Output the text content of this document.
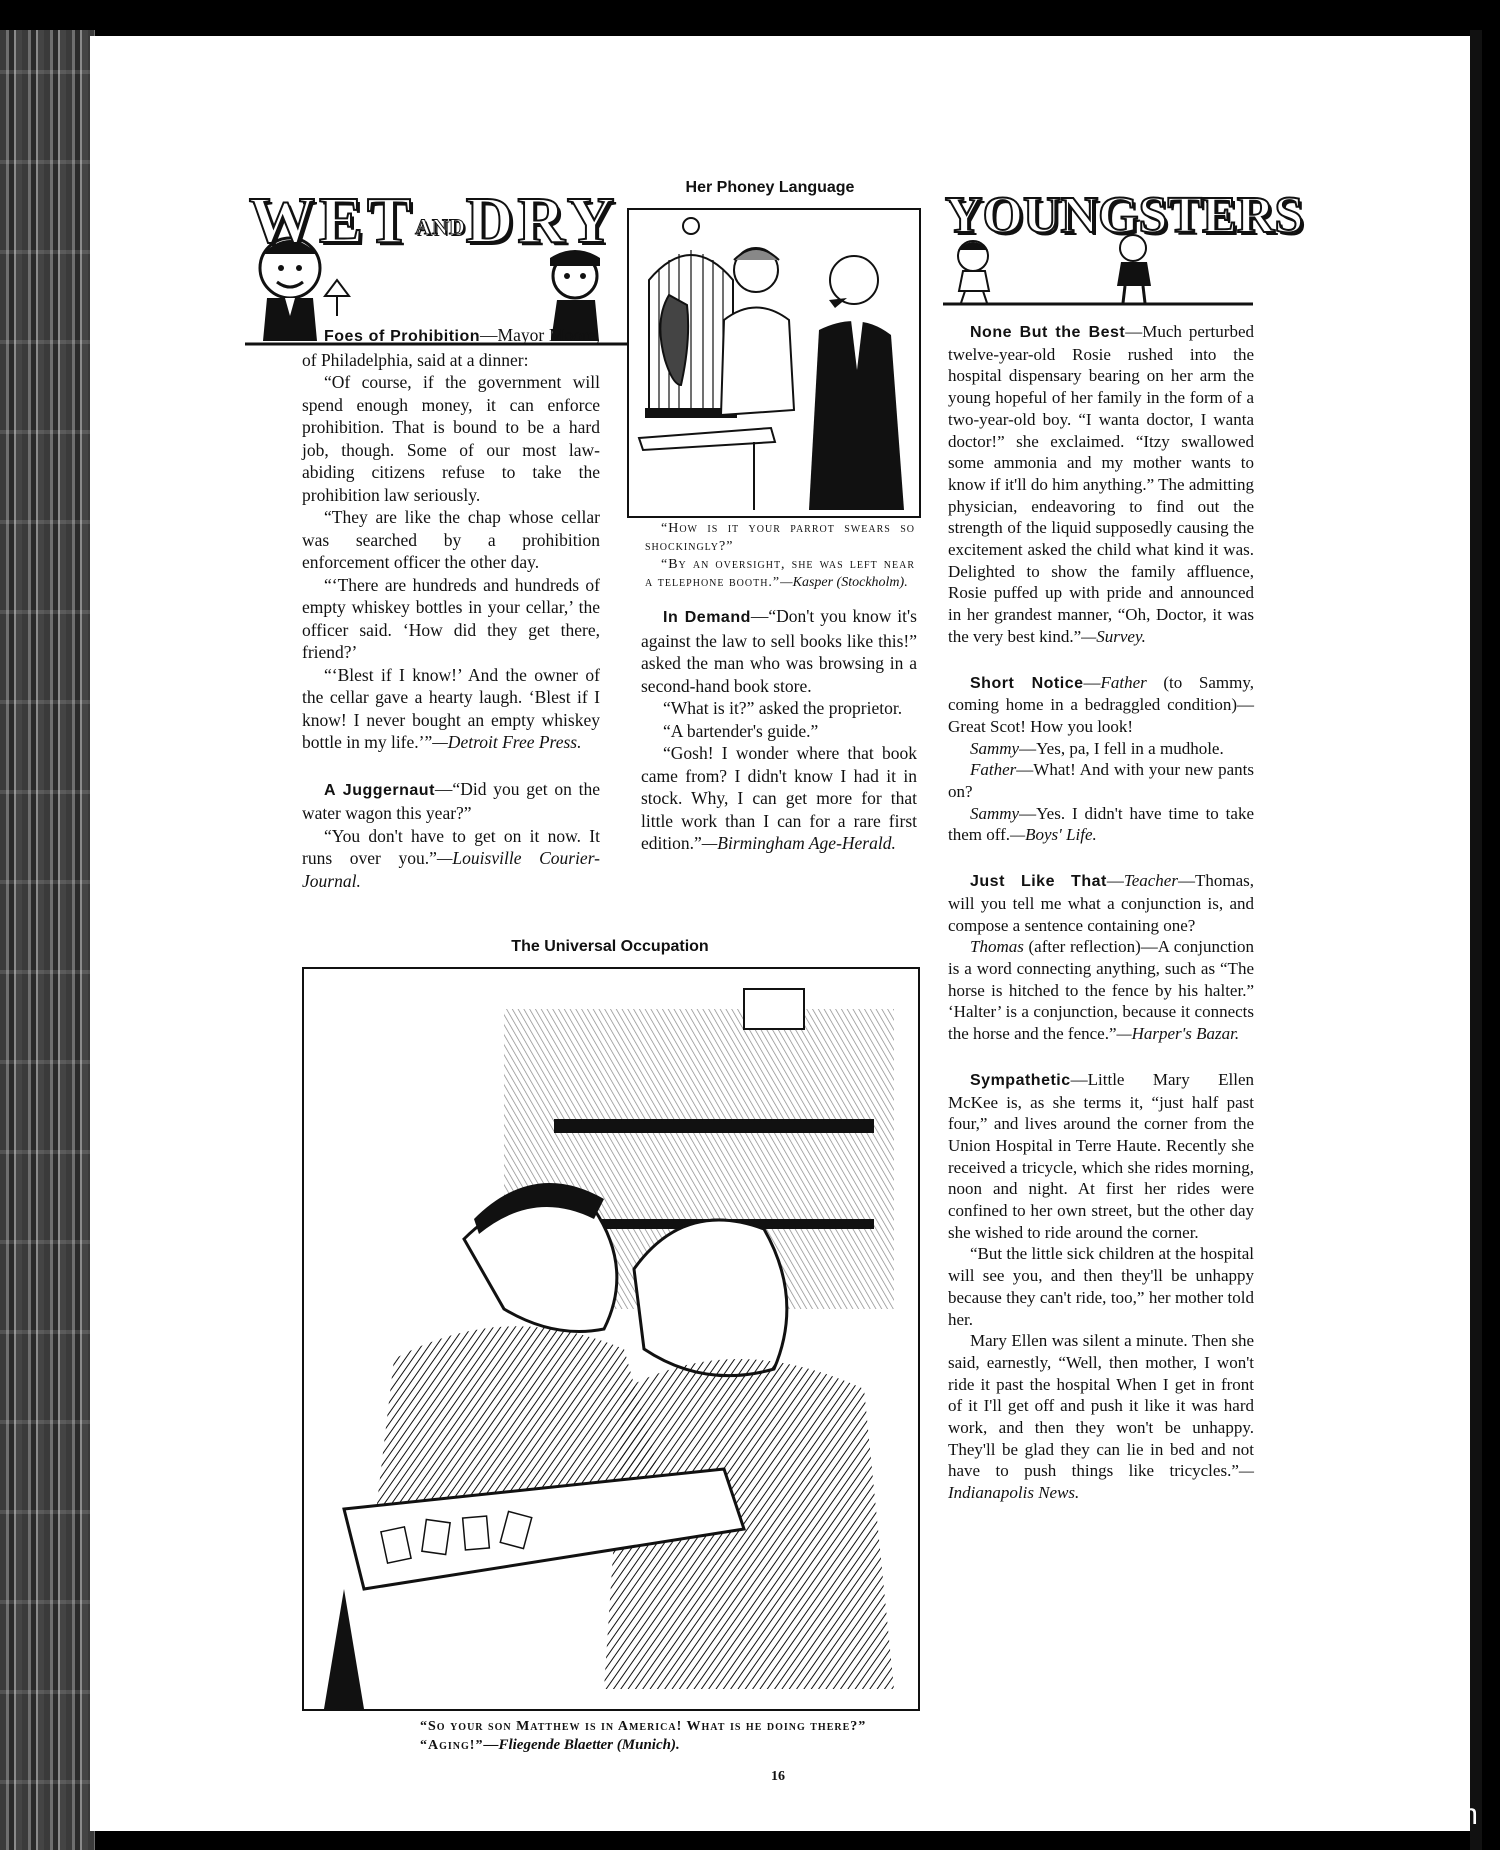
WETANDDRY	Her Phoney Language
“How is it your parrot swears so shockingly?”
“By an oversight, she was left near a telephone booth.”—Kasper (Stockholm).
YOUNGSTERS

Foes of Prohibition—Mayor Moore, of Philadelphia, said at a dinner:

“Of course, if the government will spend enough money, it can enforce prohibition. That is bound to be a hard job, though. Some of our most law-abiding citizens refuse to take the prohibition law seriously.

“They are like the chap whose cellar was searched by a prohibition enforcement officer the other day.

“‘There are hundreds and hundreds of empty whiskey bottles in your cellar,’ the officer said. ‘How did they get there, friend?’

“‘Blest if I know!’ And the owner of the cellar gave a hearty laugh. ‘Blest if I know! I never bought an empty whiskey bottle in my life.’”—Detroit Free Press.

A Juggernaut—“Did you get on the water wagon this year?”

“You don't have to get on it now. It runs over you.”—Louisville Courier-Journal.

In Demand—“Don't you know it's against the law to sell books like this!” asked the man who was browsing in a second-hand book store.

“What is it?” asked the proprietor.

“A bartender's guide.”

“Gosh! I wonder where that book came from? I didn't know I had it in stock. Why, I can get more for that little work than I can for a rare first edition.”—Birmingham Age-Herald.

None But the Best—Much perturbed twelve-year-old Rosie rushed into the hospital dispensary bearing on her arm the young hopeful of her family in the form of a two-year-old boy. “I wanta doctor, I wanta doctor!” she exclaimed. “Itzy swallowed some ammonia and my mother wants to know if it'll do him anything.” The admitting physician, endeavoring to find out the strength of the liquid supposedly causing the excitement asked the child what kind it was. Delighted to show the family affluence, Rosie puffed up with pride and announced in her grandest manner, “Oh, Doctor, it was the very best kind.”—Survey.

Short Notice—Father (to Sammy, coming home in a bedraggled condition)—Great Scot! How you look!

Sammy—Yes, pa, I fell in a mudhole.

Father—What! And with your new pants on?

Sammy—Yes. I didn't have time to take them off.—Boys' Life.

Just Like That—Teacher—Thomas, will you tell me what a conjunction is, and compose a sentence containing one?

Thomas (after reflection)—A conjunction is a word connecting anything, such as “The horse is hitched to the fence by his halter.” ‘Halter’ is a conjunction, because it connects the horse and the fence.”—Harper's Bazar.

Sympathetic—Little Mary Ellen McKee is, as she terms it, “just half past four,” and lives around the corner from the Union Hospital in Terre Haute. Recently she received a tricycle, which she rides morning, noon and night. At first her rides were confined to her own street, but the other day she wished to ride around the corner.

“But the little sick children at the hospital will see you, and then they'll be unhappy because they can't ride, too,” her mother told her.

Mary Ellen was silent a minute. Then she said, earnestly, “Well, then mother, I won't ride it past the hospital When I get in front of it I'll get off and push it like it was hard work, and then they won't be unhappy. They'll be glad they can lie in bed and not have to push things like tricycles.”—Indianapolis News.

The Universal Occupation
“So your son Matthew is in America! What is he doing there?”
“Aging!”—Fliegende Blaetter (Munich).
16
comicbooks.com
